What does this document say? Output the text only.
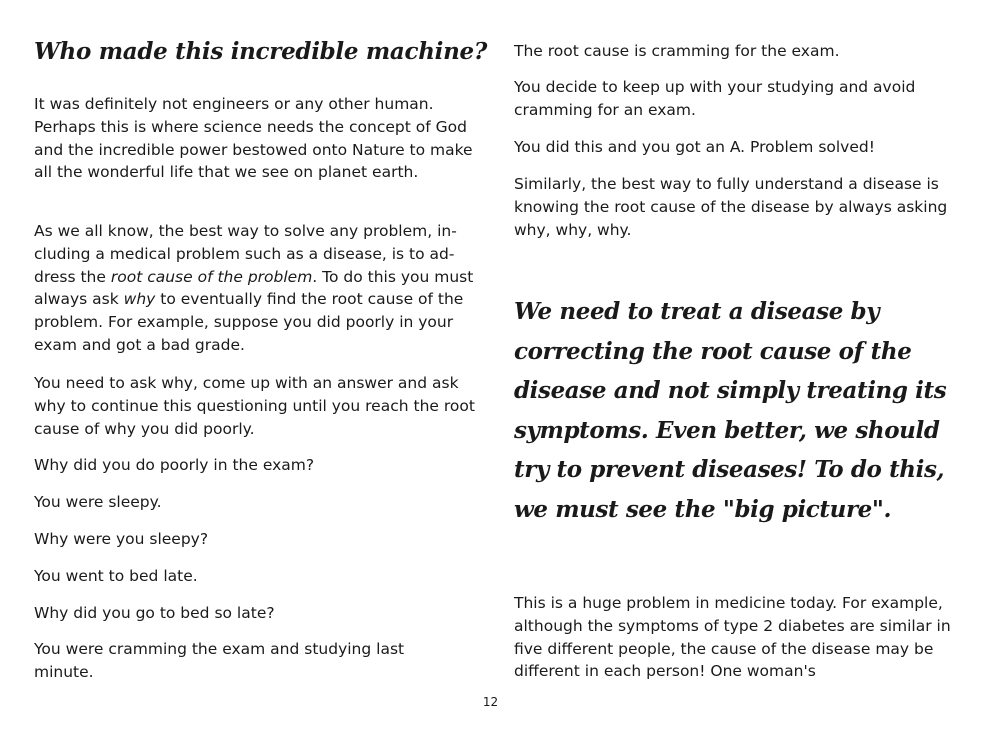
Who made this incredible machine?

It was definitely not engineers or any other human. Perhaps this is where science needs the concept of God and the incredible power bestowed onto Nature to make all the wonderful life that we see on planet earth.

As we all know, the best way to solve any problem, including a medical problem such as a disease, is to address the root cause of the problem. To do this you must always ask why to eventually find the root cause of the problem. For example, suppose you did poorly in your exam and got a bad grade.

You need to ask why, come up with an answer and ask why to continue this questioning until you reach the root cause of why you did poorly.

Why did you do poorly in the exam?

You were sleepy.

Why were you sleepy?

You went to bed late.

Why did you go to bed so late?

You were cramming the exam and studying last minute.

The root cause is cramming for the exam.

You decide to keep up with your studying and avoid cramming for an exam.

You did this and you got an A. Problem solved!

Similarly, the best way to fully understand a disease is knowing the root cause of the disease by always asking why, why, why.

We need to treat a disease by correcting the root cause of the disease and not simply treating its symptoms. Even better, we should try to prevent diseases! To do this, we must see the "big picture".

This is a huge problem in medicine today. For example, although the symptoms of type 2 diabetes are similar in five different people, the cause of the disease may be different in each person! One woman's

12
